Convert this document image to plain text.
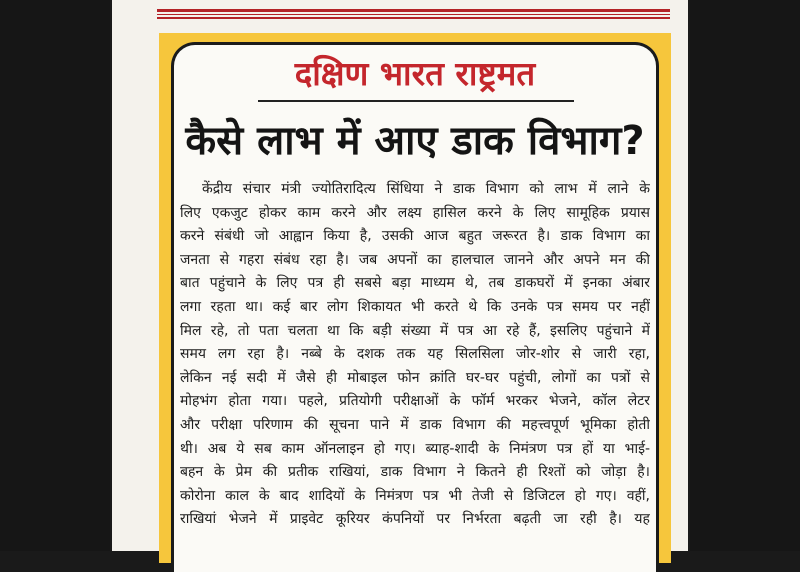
दक्षिण भारत राष्ट्रमत
कैसे लाभ में आए डाक विभाग?
केंद्रीय संचार मंत्री ज्योतिरादित्य सिंधिया ने डाक विभाग को लाभ में लाने के
लिए एकजुट होकर काम करने और लक्ष्य हासिल करने के लिए सामूहिक प्रयास
करने संबंधी जो आह्वान किया है, उसकी आज बहुत जरूरत है। डाक विभाग का
जनता से गहरा संबंध रहा है। जब अपनों का हालचाल जानने और अपने मन की
बात पहुंचाने के लिए पत्र ही सबसे बड़ा माध्यम थे, तब डाकघरों में इनका अंबार
लगा रहता था। कई बार लोग शिकायत भी करते थे कि उनके पत्र समय पर नहीं
मिल रहे, तो पता चलता था कि बड़ी संख्या में पत्र आ रहे हैं, इसलिए पहुंचाने में
समय लग रहा है। नब्बे के दशक तक यह सिलसिला जोर-शोर से जारी रहा,
लेकिन नई सदी में जैसे ही मोबाइल फोन क्रांति घर-घर पहुंची, लोगों का पत्रों से
मोहभंग होता गया। पहले, प्रतियोगी परीक्षाओं के फॉर्म भरकर भेजने, कॉल लेटर
और परीक्षा परिणाम की सूचना पाने में डाक विभाग की महत्त्वपूर्ण भूमिका होती
थी। अब ये सब काम ऑनलाइन हो गए। ब्याह-शादी के निमंत्रण पत्र हों या भाई-
बहन के प्रेम की प्रतीक राखियां, डाक विभाग ने कितने ही रिश्तों को जोड़ा है।
कोरोना काल के बाद शादियों के निमंत्रण पत्र भी तेजी से डिजिटल हो गए। वहीं,
राखियां भेजने में प्राइवेट कूरियर कंपनियों पर निर्भरता बढ़ती जा रही है। यह
